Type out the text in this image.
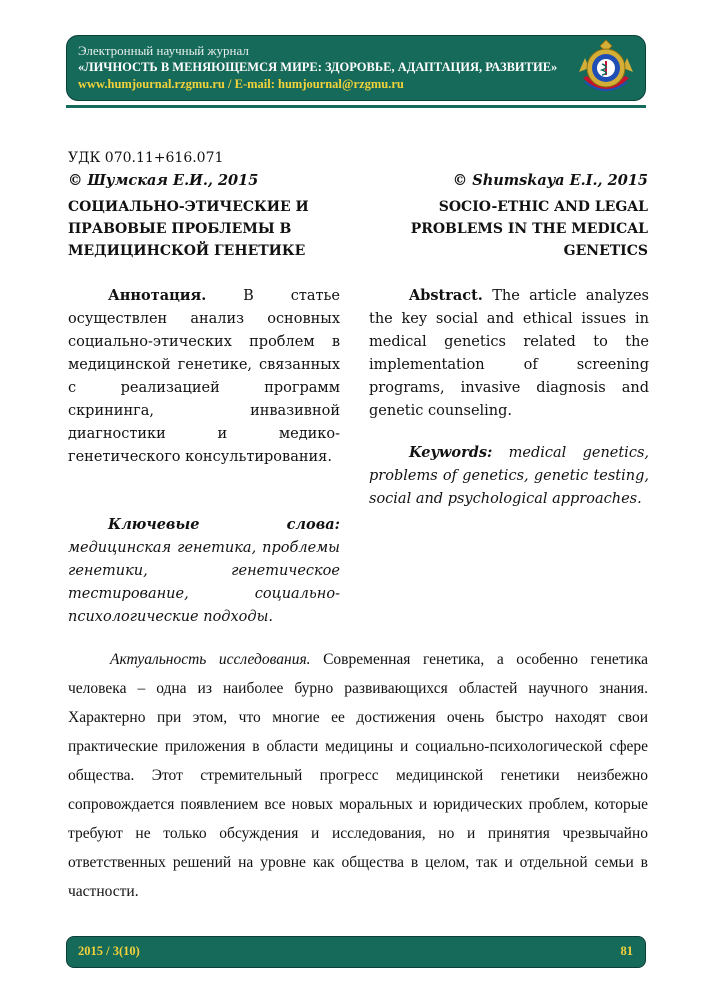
Электронный научный журнал
«ЛИЧНОСТЬ В МЕНЯЮЩЕМСЯ МИРЕ: ЗДОРОВЬЕ, АДАПТАЦИЯ, РАЗВИТИЕ»
www.humjournal.rzgmu.ru / E-mail: humjournal@rzgmu.ru
УДК 070.11+616.071
© Шумская Е.И., 2015
СОЦИАЛЬНО-ЭТИЧЕСКИЕ И ПРАВОВЫЕ ПРОБЛЕМЫ В МЕДИЦИНСКОЙ ГЕНЕТИКЕ
© Shumskaya E.I., 2015
SOCIO-ETHIC AND LEGAL PROBLEMS IN THE MEDICAL GENETICS
Аннотация. В статье осуществлен анализ основных социально-этических проблем в медицинской генетике, связанных с реализацией программ скрининга, инвазивной диагностики и медико-генетического консультирования.
Ключевые слова: медицинская генетика, проблемы генетики, генетическое тестирование, социально-психологические подходы.
Abstract. The article analyzes the key social and ethical issues in medical genetics related to the implementation of screening programs, invasive diagnosis and genetic counseling.
Keywords: medical genetics, problems of genetics, genetic testing, social and psychological approaches.
Актуальность исследования. Современная генетика, а особенно генетика человека – одна из наиболее бурно развивающихся областей научного знания. Характерно при этом, что многие ее достижения очень быстро находят свои практические приложения в области медицины и социально-психологической сфере общества. Этот стремительный прогресс медицинской генетики неизбежно сопровождается появлением все новых моральных и юридических проблем, которые требуют не только обсуждения и исследования, но и принятия чрезвычайно ответственных решений на уровне как общества в целом, так и отдельной семьи в частности.
2015 / 3(10)	81
